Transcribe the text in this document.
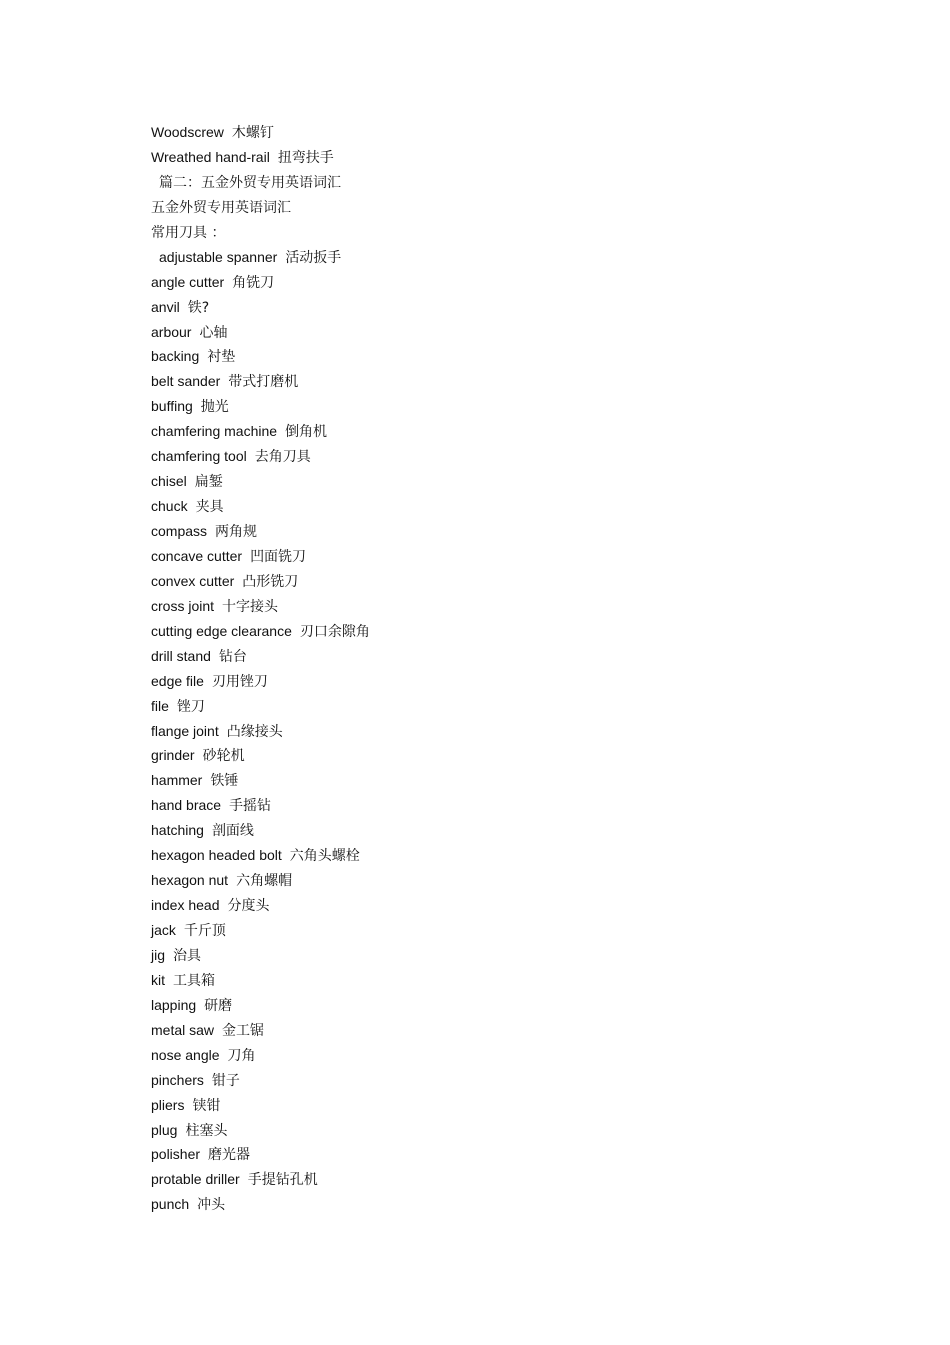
Woodscrew 木螺钉
Wreathed hand-rail 扭弯扶手
篇二：五金外贸专用英语词汇
五金外贸专用英语词汇
常用刀具 ：
adjustable spanner 活动扳手
angle cutter 角铣刀
anvil 铁?
arbour 心轴
backing 衬垫
belt sander 带式打磨机
buffing 抛光
chamfering machine 倒角机
chamfering tool 去角刀具
chisel 扁錾
chuck 夹具
compass 两角规
concave cutter 凹面铣刀
convex cutter 凸形铣刀
cross joint 十字接头
cutting edge clearance 刃口余隙角
drill stand 钻台
edge file 刃用锉刀
file 锉刀
flange joint 凸缘接头
grinder 砂轮机
hammer 铁锤
hand brace 手摇钻
hatching 剖面线
hexagon headed bolt 六角头螺栓
hexagon nut 六角螺帽
index head 分度头
jack 千斤顶
jig 治具
kit 工具箱
lapping 研磨
metal saw 金工锯
nose angle 刀角
pinchers 钳子
pliers 铗钳
plug 柱塞头
polisher 磨光器
protable driller 手提钻孔机
punch 冲头
